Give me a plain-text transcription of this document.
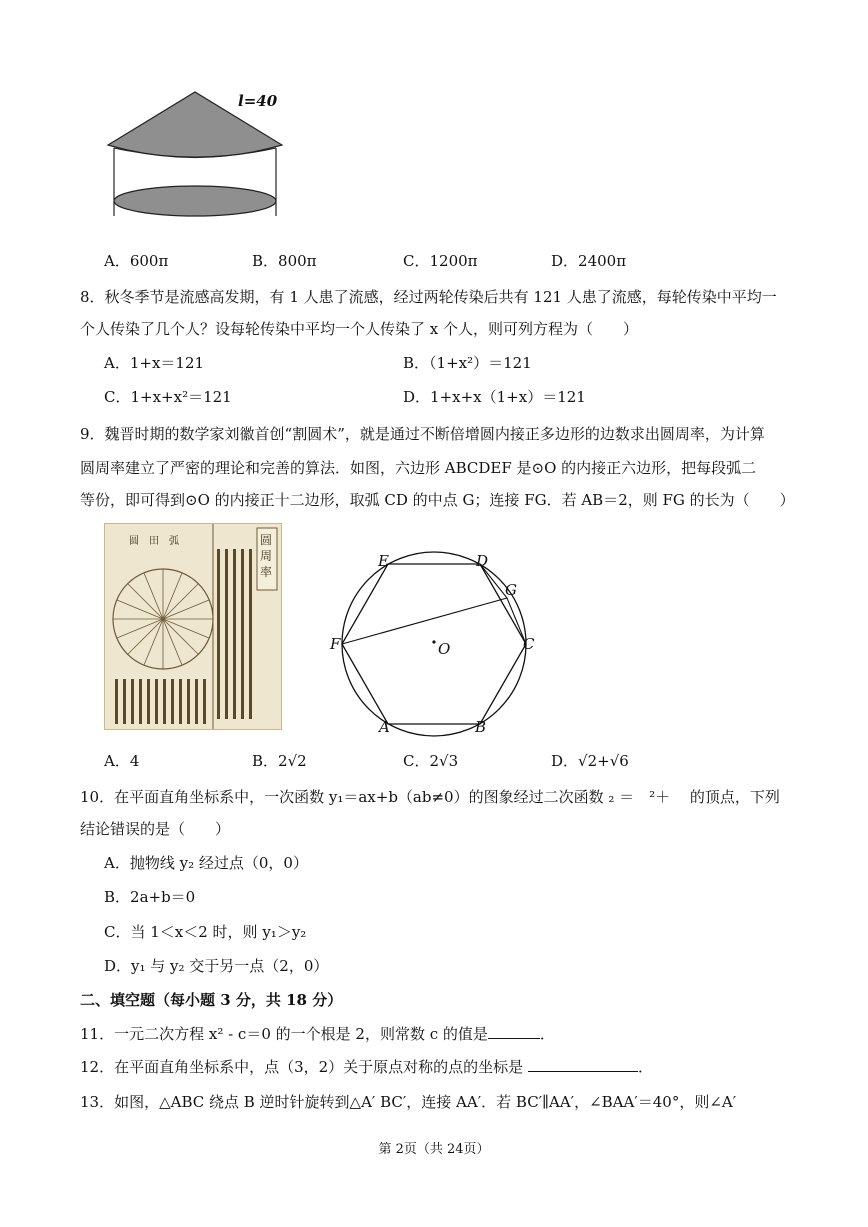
l=40
A．600π	B．800π	C．1200π	D．2400π
8．秋冬季节是流感高发期，有 1 人患了流感，经过两轮传染后共有 121 人患了流感，每轮传染中平均一
个人传染了几个人？设每轮传染中平均一个人传染了 x 个人，则可列方程为（　　）
A．1+x＝121	B．（1+x²）＝121
C．1+x+x²＝121	D．1+x+x（1+x）＝121
9．魏晋时期的数学家刘徽首创“割圆术”，就是通过不断倍增圆内接正多边形的边数求出圆周率，为计算
圆周率建立了严密的理论和完善的算法．如图，六边形 ABCDEF 是⊙O 的内接正六边形，把每段弧二
等份，即可得到⊙O 的内接正十二边形，取弧 CD 的中点 G；连接 FG．若 AB＝2，则 FG 的长为（　　）
圆　田　弧	圆周率
E	D
G
F	O	C
A	B
A．4	B．2√2	C．2√3	D．√2+√6
10．在平面直角坐标系中，一次函数 y₁＝ax+b（ab≠0）的图象经过二次函数 ₂ ＝　²＋　 的顶点，下列
结论错误的是（　　）
A．抛物线 y₂ 经过点（0，0）
B．2a+b＝0
C．当 1＜x＜2 时，则 y₁＞y₂
D．y₁ 与 y₂ 交于另一点（2，0）
二、填空题（每小题 3 分，共 18 分）
11．一元二次方程 x² - c＝0 的一个根是 2，则常数 c 的值是	．
12．在平面直角坐标系中，点（3，2）关于原点对称的点的坐标是	．
13．如图，△ABC 绕点 B 逆时针旋转到△A′ BC′，连接 AA′．若 BC′∥AA′，∠BAA′＝40°，则∠A′
第 2页（共 24页）
